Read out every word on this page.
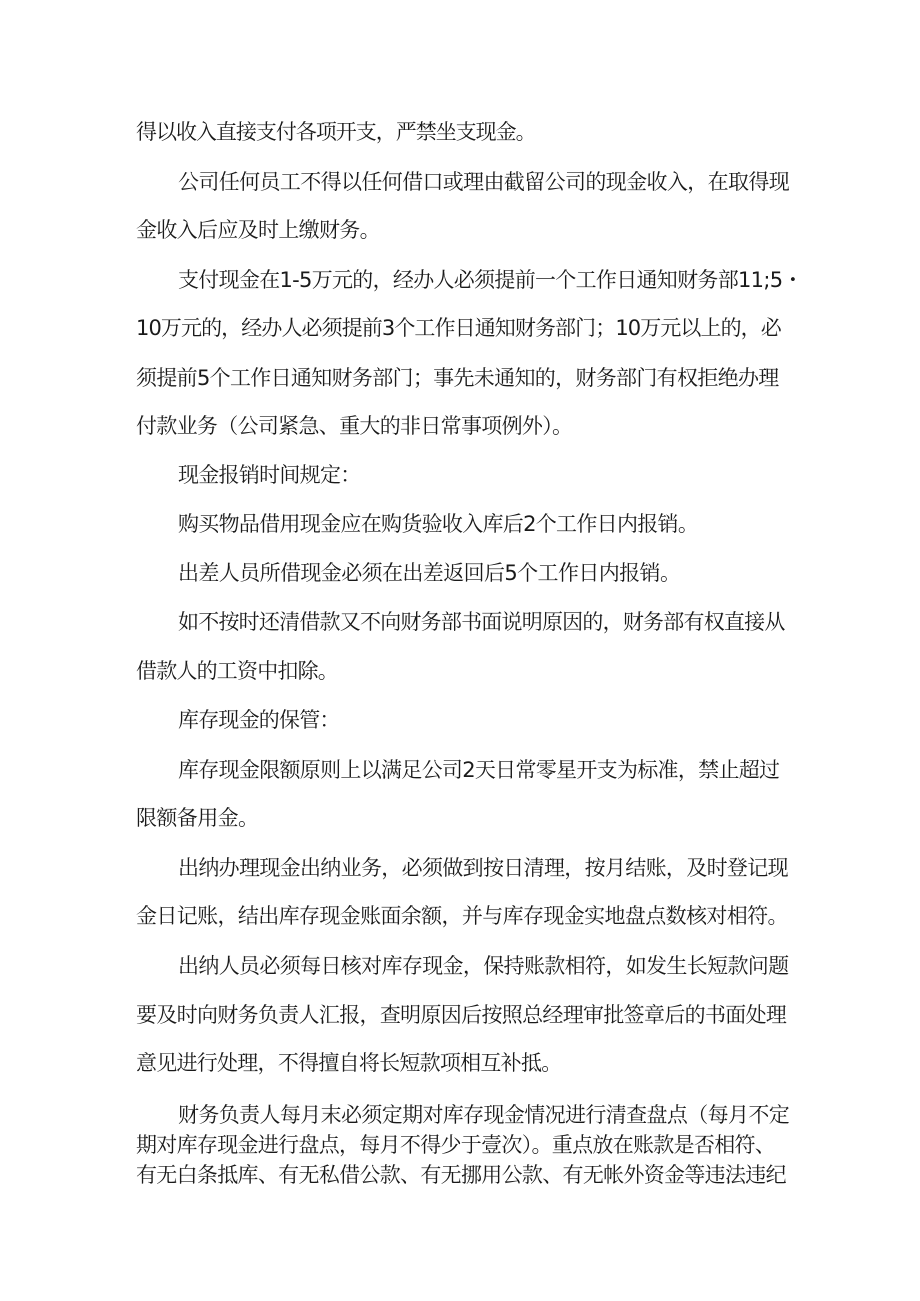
得以收入直接支付各项开支，严禁坐支现金。

公司任何员工不得以任何借口或理由截留公司的现金收入，在取得现

金收入后应及时上缴财务。

支付现金在1-5万元的，经办人必须提前一个工作日通知财务部11;5・

10万元的，经办人必须提前3个工作日通知财务部门；10万元以上的，必

须提前5个工作日通知财务部门；事先未通知的，财务部门有权拒绝办理

付款业务（公司紧急、重大的非日常事项例外）。

现金报销时间规定：

购买物品借用现金应在购货验收入库后2个工作日内报销。

出差人员所借现金必须在出差返回后5个工作日内报销。

如不按时还清借款又不向财务部书面说明原因的，财务部有权直接从

借款人的工资中扣除。

库存现金的保管：

库存现金限额原则上以满足公司2天日常零星开支为标准，禁止超过

限额备用金。

出纳办理现金出纳业务，必须做到按日清理，按月结账，及时登记现

金日记账，结出库存现金账面余额，并与库存现金实地盘点数核对相符。

出纳人员必须每日核对库存现金，保持账款相符，如发生长短款问题

要及时向财务负责人汇报，查明原因后按照总经理审批签章后的书面处理

意见进行处理，不得擅自将长短款项相互补抵。

财务负责人每月末必须定期对库存现金情况进行清查盘点（每月不定

期对库存现金进行盘点，每月不得少于壹次）。重点放在账款是否相符、

有无白条抵库、有无私借公款、有无挪用公款、有无帐外资金等违法违纪
